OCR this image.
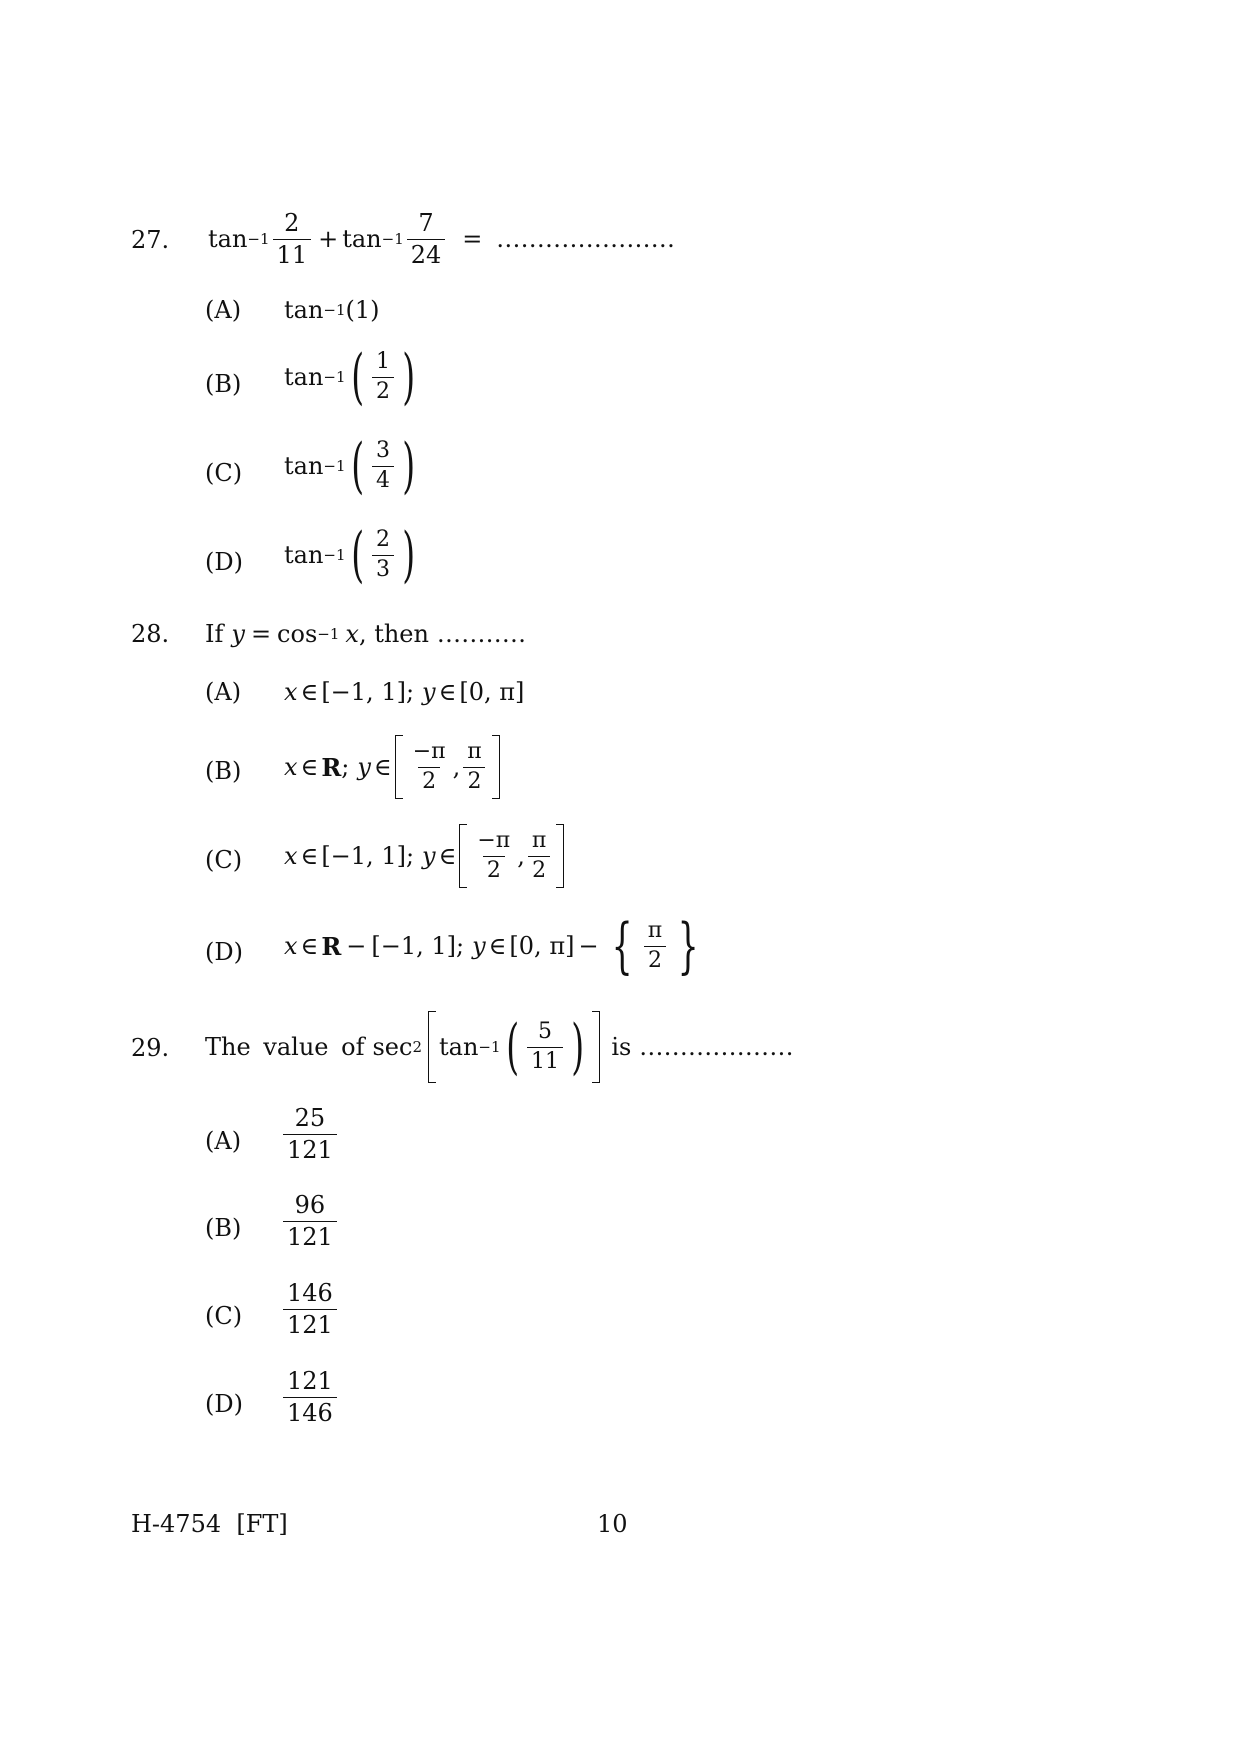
27. $\tan -1 \frac{2}{11} + \tan -1 \frac{7}{24}$ = ......................
(A) tan −1 (1)
(B) tan −1 ( $\frac{1}{2}$ )
(C) tan −1 ( $\frac{3}{4}$ )
(D) tan −1 ( $\frac{2}{3}$ )
28. If y = cos −1 x , then ...........
(A) x ∈ [−1, 1]; y ∈ [0, π]
(B) x ∈ R ; y ∈ $\frac{-\pi}{2}$ , $\frac{\pi}{2}$
(C) x ∈ [−1, 1]; y ∈ $\frac{-\pi}{2}$ , $\frac{\pi}{2}$
(D) x ∈ R − [−1, 1]; y ∈ [0, π] − { $\frac{\pi}{2}$ }
29. The value of sec 2 tan −1 ( $\frac{5}{11}$ ) is ...................
$(A) \frac{25}{121}$
$(B) \frac{96}{121}$
$(C) \frac{146}{121}$
$(D) \frac{121}{146}$
H-4754  [FT]	10
